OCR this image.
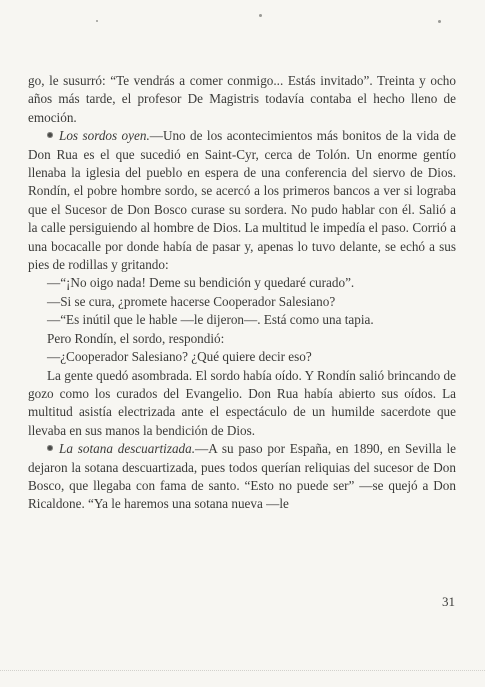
go, le susurró: “Te vendrás a comer conmigo... Estás invitado”. Treinta y ocho años más tarde, el profesor De Magistris todavía contaba el hecho lleno de emoción.

Los sordos oyen.—Uno de los acontecimientos más bonitos de la vida de Don Rua es el que sucedió en Saint-Cyr, cerca de Tolón. Un enorme gentío llenaba la iglesia del pueblo en espera de una conferencia del siervo de Dios. Rondín, el pobre hombre sordo, se acercó a los primeros bancos a ver si lograba que el Sucesor de Don Bosco curase su sordera. No pudo hablar con él. Salió a la calle persiguiendo al hombre de Dios. La multitud le impedía el paso. Corrió a una bocacalle por donde había de pasar y, apenas lo tuvo delante, se echó a sus pies de rodillas y gritando:

—“¡No oigo nada! Deme su bendición y quedaré curado”.

—Si se cura, ¿promete hacerse Cooperador Salesiano?

—“Es inútil que le hable —le dijeron—. Está como una tapia.

Pero Rondín, el sordo, respondió:

—¿Cooperador Salesiano? ¿Qué quiere decir eso?

La gente quedó asombrada. El sordo había oído. Y Rondín salió brincando de gozo como los curados del Evangelio. Don Rua había abierto sus oídos. La multitud asistía electrizada ante el espectáculo de un humilde sacerdote que llevaba en sus manos la bendición de Dios.

La sotana descuartizada.—A su paso por España, en 1890, en Sevilla le dejaron la sotana descuartizada, pues todos querían reliquias del sucesor de Don Bosco, que llegaba con fama de santo. “Esto no puede ser” —se quejó a Don Ricaldone. “Ya le haremos una sotana nueva —le

31
